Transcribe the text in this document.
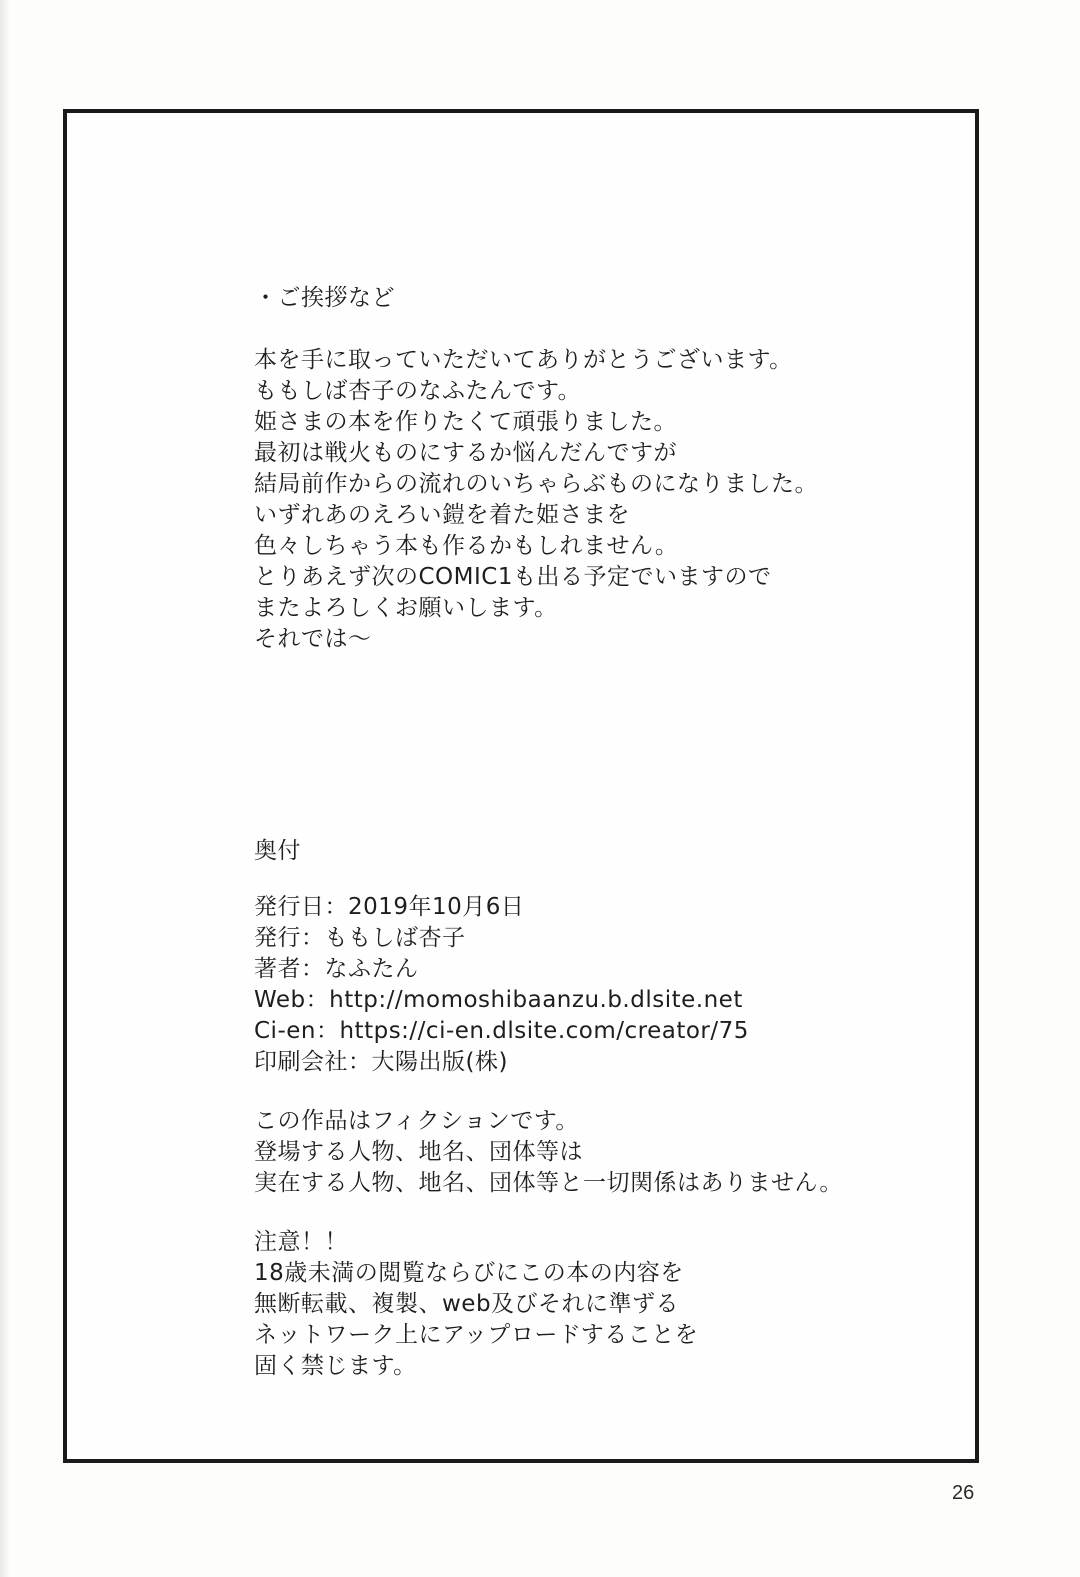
・ご挨拶など
本を手に取っていただいてありがとうございます。
ももしば杏子のなふたんです。
姫さまの本を作りたくて頑張りました。
最初は戦火ものにするか悩んだんですが
結局前作からの流れのいちゃらぶものになりました。
いずれあのえろい鎧を着た姫さまを
色々しちゃう本も作るかもしれません。
とりあえず次のCOMIC1も出る予定でいますので
またよろしくお願いします。
それでは～
奥付
発行日：2019年10月6日
発行：ももしば杏子
著者：なふたん
Web：http://momoshibaanzu.b.dlsite.net
Ci-en：https://ci-en.dlsite.com/creator/75
印刷会社：大陽出版(株)
この作品はフィクションです。
登場する人物、地名、団体等は
実在する人物、地名、団体等と一切関係はありません。
注意！！
18歳未満の閲覧ならびにこの本の内容を
無断転載、複製、web及びそれに準ずる
ネットワーク上にアップロードすることを
固く禁じます。
26
